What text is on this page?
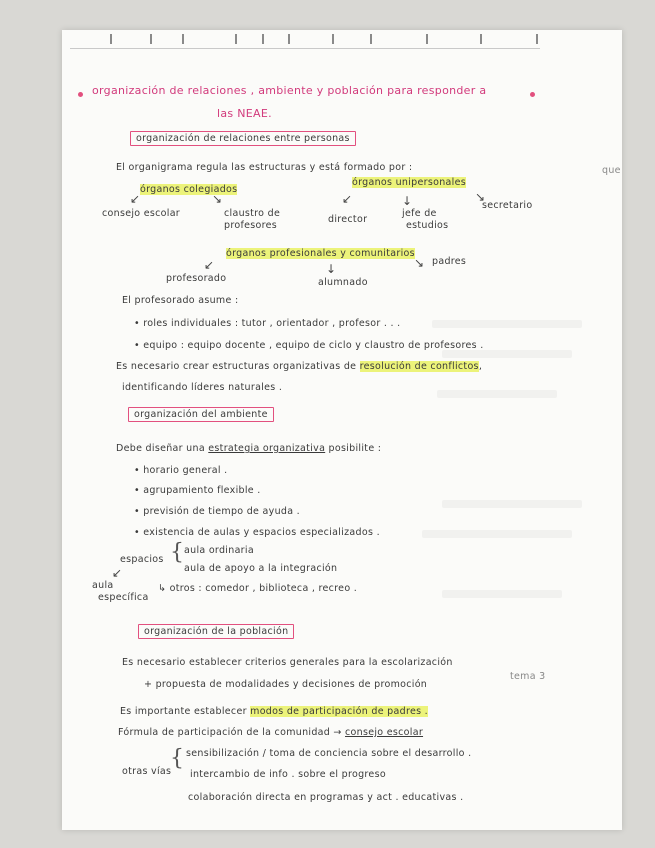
organización de relaciones , ambiente y población para responder a
las NEAE.
que
organización de relaciones entre personas
El organigrama regula las estructuras y está formado por :
órganos colegiados
consejo escolar	claustro de
profesores
↙	↘
órganos unipersonales
↙	↓	↘
director
jefe de
estudios
secretario
órganos profesionales y comunitarios
↙	↓	↘
profesorado	alumnado
padres
El profesorado asume :
• roles individuales : tutor , orientador , profesor . . .
• equipo : equipo docente , equipo de ciclo y claustro de profesores .
Es necesario crear estructuras organizativas de resolución de conflictos,
identificando líderes naturales .
organización del ambiente
Debe diseñar una estrategia organizativa posibilite :
• horario general .
• agrupamiento flexible .
• previsión de tiempo de ayuda .
• existencia de aulas y espacios especializados .
espacios { aula ordinaria
aula de apoyo a la integración
↳ otros : comedor , biblioteca , recreo .
↙
aula
específica
organización de la población
Es necesario establecer criterios generales para la escolarización
+ propuesta de modalidades y decisiones de promoción
tema 3
Es importante establecer modos de participación de padres .
Fórmula de participación de la comunidad → consejo escolar
otras vías
{ sensibilización / toma de conciencia sobre el desarrollo .
intercambio de info . sobre el progreso
colaboración directa en programas y act . educativas .
